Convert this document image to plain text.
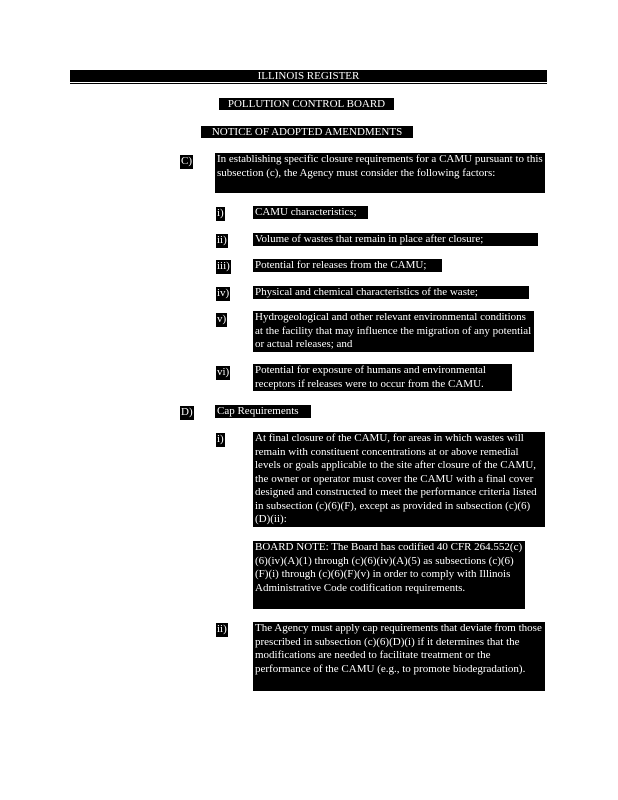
ILLINOIS REGISTER
POLLUTION CONTROL BOARD
NOTICE OF ADOPTED AMENDMENTS
C) In establishing specific closure requirements for a CAMU pursuant to this subsection (c), the Agency must consider the following factors:
i)	CAMU characteristics;
ii)	Volume of wastes that remain in place after closure;
iii) Potential for releases from the CAMU;
iv) Physical and chemical characteristics of the waste;
v)	Hydrogeological and other relevant environmental conditions at the facility that may influence the migration of any potential or actual releases; and
vi) Potential for exposure of humans and environmental receptors if releases were to occur from the CAMU.
D) Cap Requirements
i)	At final closure of the CAMU, for areas in which wastes will remain with constituent concentrations at or above remedial levels or goals applicable to the site after closure of the CAMU, the owner or operator must cover the CAMU with a final cover designed and constructed to meet the performance criteria listed in subsection (c)(6)(F), except as provided in subsection (c)(6)(D)(ii):
BOARD NOTE: The Board has codified 40 CFR 264.552(c)(6)(iv)(A)(1) through (c)(6)(iv)(A)(5) as subsections (c)(6)(F)(i) through (c)(6)(F)(v) in order to comply with Illinois Administrative Code codification requirements.
ii)	The Agency must apply cap requirements that deviate from those prescribed in subsection (c)(6)(D)(i) if it determines that the modifications are needed to facilitate treatment or the performance of the CAMU (e.g., to promote biodegradation).
